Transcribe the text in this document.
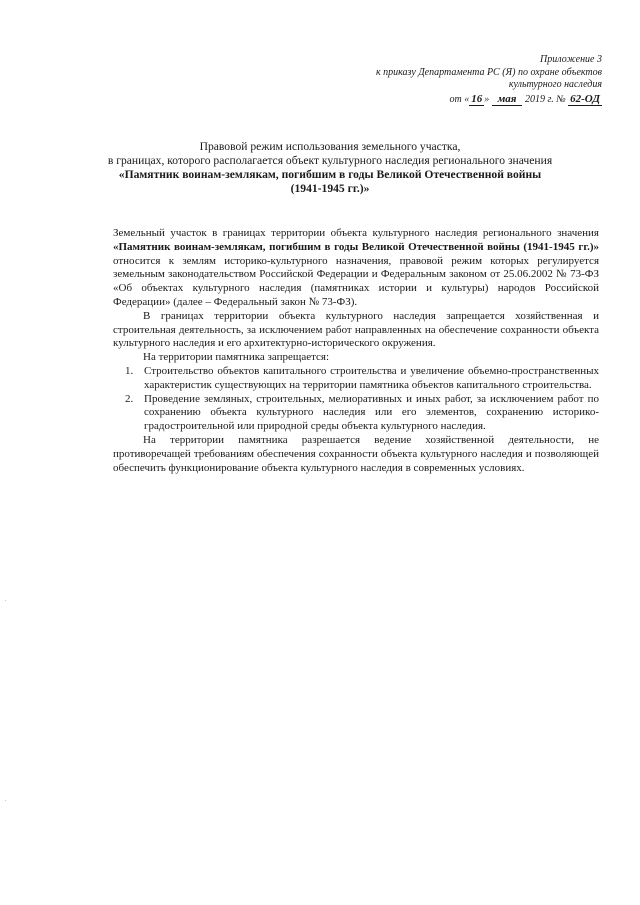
Приложение 3
к приказу Департамента РС (Я) по охране объектов
культурного наследия
от « 16 » мая 2019 г. № 62-ОД
Правовой режим использования земельного участка,
в границах, которого располагается объект культурного наследия регионального значения
«Памятник воинам-землякам, погибшим в годы Великой Отечественной войны
(1941-1945 гг.)»

Земельный участок в границах территории объекта культурного наследия регионального значения «Памятник воинам-землякам, погибшим в годы Великой Отечественной войны (1941-1945 гг.)» относится к землям историко-культурного назначения, правовой режим которых регулируется земельным законодательством Российской Федерации и Федеральным законом от 25.06.2002 № 73-ФЗ «Об объектах культурного наследия (памятниках истории и культуры) народов Российской Федерации» (далее – Федеральный закон № 73-ФЗ).

В границах территории объекта культурного наследия запрещается хозяйственная и строительная деятельность, за исключением работ направленных на обеспечение сохранности объекта культурного наследия и его архитектурно-исторического окружения.

На территории памятника запрещается:

1. Строительство объектов капитального строительства и увеличение объемно-пространственных характеристик существующих на территории памятника объектов капитального строительства.
2. Проведение земляных, строительных, мелиоративных и иных работ, за исключением работ по сохранению объекта культурного наследия или его элементов, сохранению историко-градостроительной или природной среды объекта культурного наследия.

На территории памятника разрешается ведение хозяйственной деятельности, не противоречащей требованиям обеспечения сохранности объекта культурного наследия и позволяющей обеспечить функционирование объекта культурного наследия в современных условиях.
